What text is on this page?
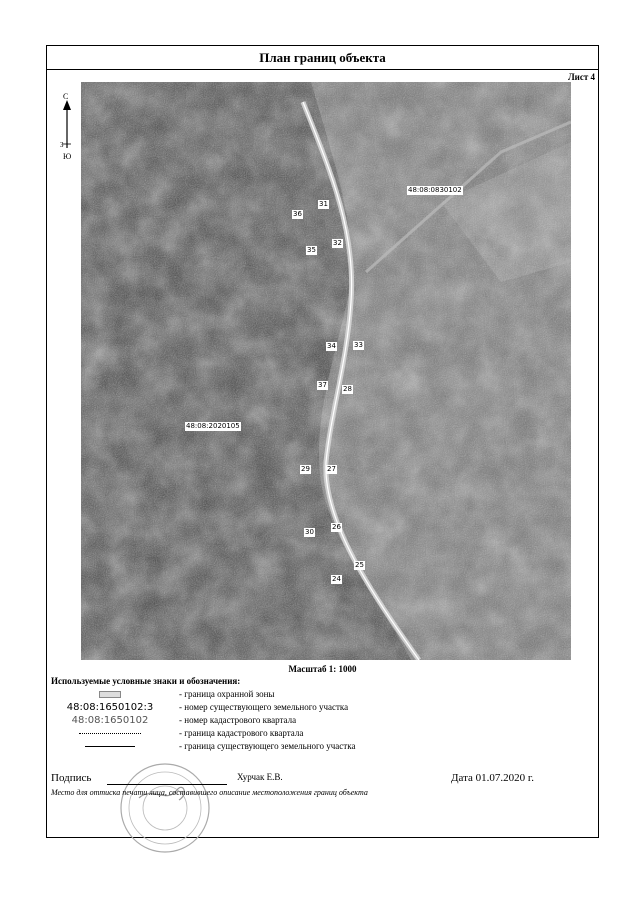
План границ объекта
Лист 4
С
З
Ю
48:08:2020105
48:08:0830102
31
36
32
35
34	33
37 28
29 27
30
26
25
24
Масштаб 1: 1000
Используемые условные знаки и обозначения:
- граница охранной зоны
48:08:1650102:3	- номер существующего земельного участка
48:08:1650102	- номер кадастрового квартала
- граница кадастрового квартала
- граница существующего земельного участка
Подпись	Хурчак Е.В.	Дата 01.07.2020 г.
Место для оттиска печати лица, составившего описание местоположения границ объекта
